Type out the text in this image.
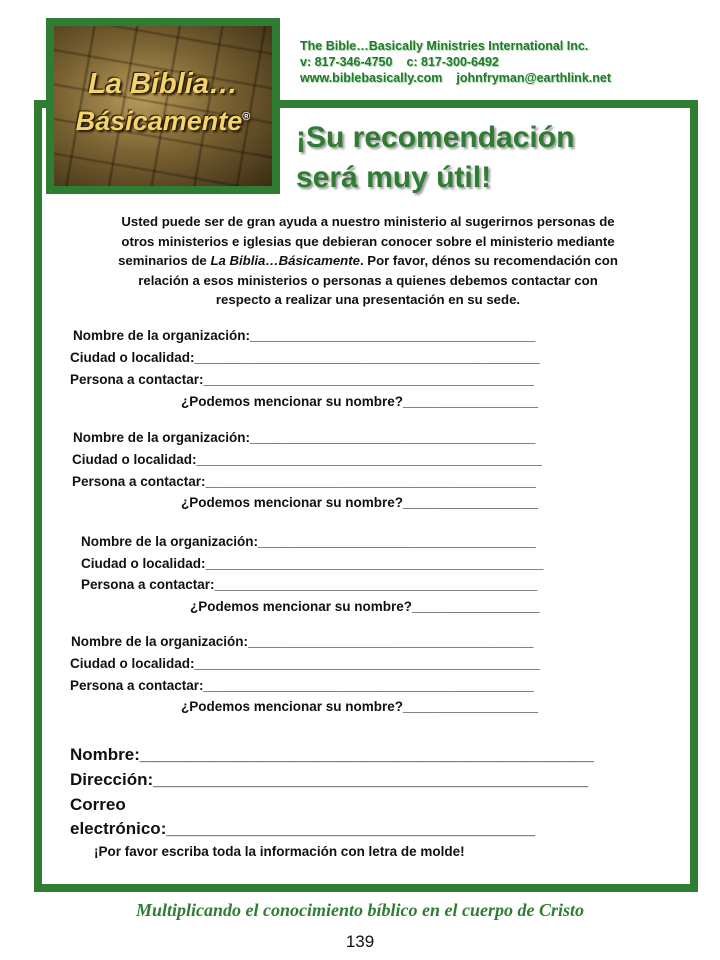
La Biblia…
Básicamente®
The Bible…Basically Ministries International Inc.
v: 817-346-4750 c: 817-300-6492
www.biblebasically.com johnfryman@earthlink.net
¡Su recomendación
será muy útil!
Usted puede ser de gran ayuda a nuestro ministerio al sugerirnos personas de
otros ministerios e iglesias que debieran conocer sobre el ministerio mediante
seminarios de La Biblia…Básicamente. Por favor, dénos su recomendación con
relación a esos ministerios o personas a quienes debemos contactar con
respecto a realizar una presentación en su sede.
Nombre de la organización:______________________________________
Ciudad o localidad:______________________________________________
Persona a contactar:____________________________________________
¿Podemos mencionar su nombre?__________________
Nombre de la organización:______________________________________
Ciudad o localidad:______________________________________________
Persona a contactar:____________________________________________
¿Podemos mencionar su nombre?__________________
Nombre de la organización:_____________________________________
Ciudad o localidad:_____________________________________________
Persona a contactar:___________________________________________
¿Podemos mencionar su nombre?_________________
Nombre de la organización:______________________________________
Ciudad o localidad:______________________________________________
Persona a contactar:____________________________________________
¿Podemos mencionar su nombre?__________________
Nombre:________________________________________________
Dirección:______________________________________________
Correo
electrónico:_______________________________________
¡Por favor escriba toda la información con letra de molde!
Multiplicando el conocimiento bíblico en el cuerpo de Cristo
139
